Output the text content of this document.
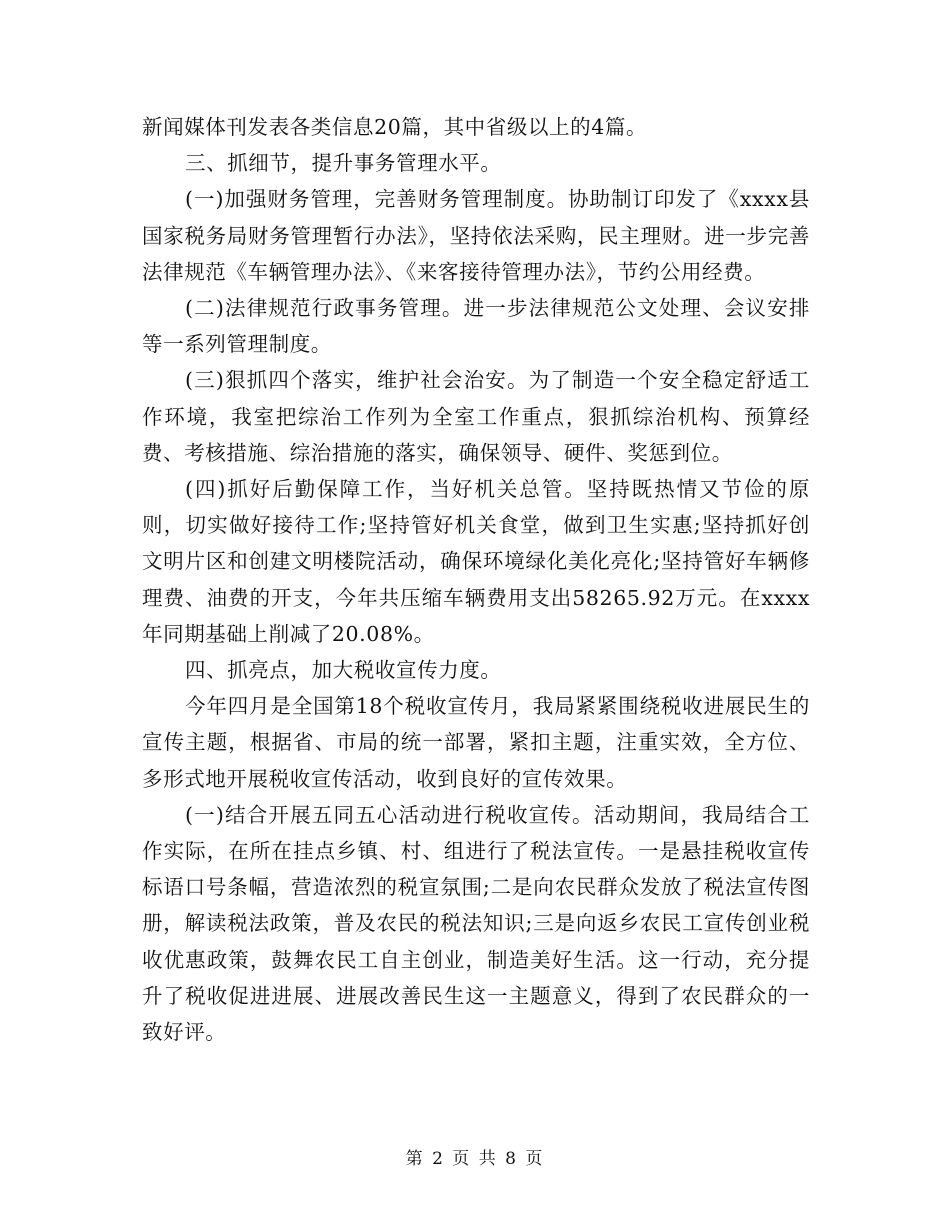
新闻媒体刊发表各类信息20篇，其中省级以上的4篇。

三、抓细节，提升事务管理水平。

(一)加强财务管理，完善财务管理制度。协助制订印发了《xxxx县国家税务局财务管理暂行办法》，坚持依法采购，民主理财。进一步完善法律规范《车辆管理办法》、《来客接待管理办法》，节约公用经费。

(二)法律规范行政事务管理。进一步法律规范公文处理、会议安排等一系列管理制度。

(三)狠抓四个落实，维护社会治安。为了制造一个安全稳定舒适工作环境，我室把综治工作列为全室工作重点，狠抓综治机构、预算经费、考核措施、综治措施的落实，确保领导、硬件、奖惩到位。

(四)抓好后勤保障工作，当好机关总管。坚持既热情又节俭的原则，切实做好接待工作;坚持管好机关食堂，做到卫生实惠;坚持抓好创文明片区和创建文明楼院活动，确保环境绿化美化亮化;坚持管好车辆修理费、油费的开支，今年共压缩车辆费用支出58265.92万元。在xxxx年同期基础上削减了20.08%。

四、抓亮点，加大税收宣传力度。

今年四月是全国第18个税收宣传月，我局紧紧围绕税收进展民生的宣传主题，根据省、市局的统一部署，紧扣主题，注重实效，全方位、多形式地开展税收宣传活动，收到良好的宣传效果。

(一)结合开展五同五心活动进行税收宣传。活动期间，我局结合工作实际，在所在挂点乡镇、村、组进行了税法宣传。一是悬挂税收宣传标语口号条幅，营造浓烈的税宣氛围;二是向农民群众发放了税法宣传图册，解读税法政策，普及农民的税法知识;三是向返乡农民工宣传创业税收优惠政策，鼓舞农民工自主创业，制造美好生活。这一行动，充分提升了税收促进进展、进展改善民生这一主题意义，得到了农民群众的一致好评。

第 2 页 共 8 页
